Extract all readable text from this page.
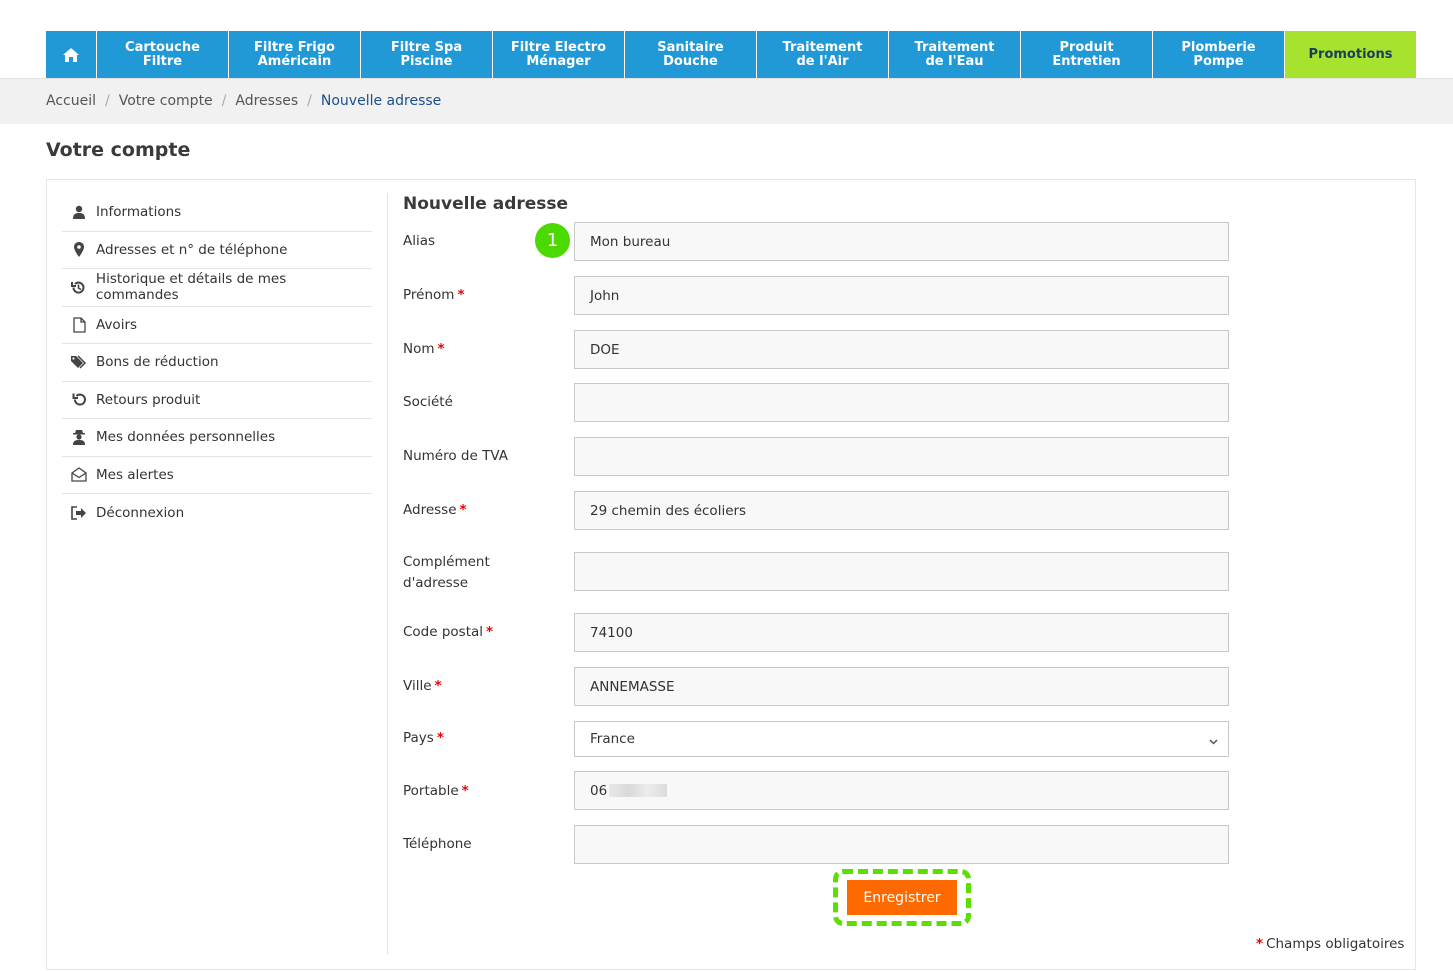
Cartouche
Filtre
Filtre Frigo
Américain
Filtre Spa
Piscine
Filtre Electro
Ménager
Sanitaire
Douche
Traitement
de l'Air
Traitement
de l'Eau
Produit
Entretien
Plomberie
Pompe	Promotions
Accueil / Votre compte / Adresses / Nouvelle adresse
Votre compte
Informations
Adresses et n° de téléphone
Historique et détails de mes commandes
Avoirs
Bons de réduction
Retours produit
Mes données personnelles
Mes alertes
Déconnexion
Nouvelle adresse
Alias	Mon bureau
1
Prénom *	John
Nom *	DOE
Société
Numéro de TVA
Adresse *	29 chemin des écoliers
Complément
d'adresse
Code postal *	74100
Ville *	ANNEMASSE
Pays *	France
Portable *	06
Téléphone
Enregistrer
* Champs obligatoires
